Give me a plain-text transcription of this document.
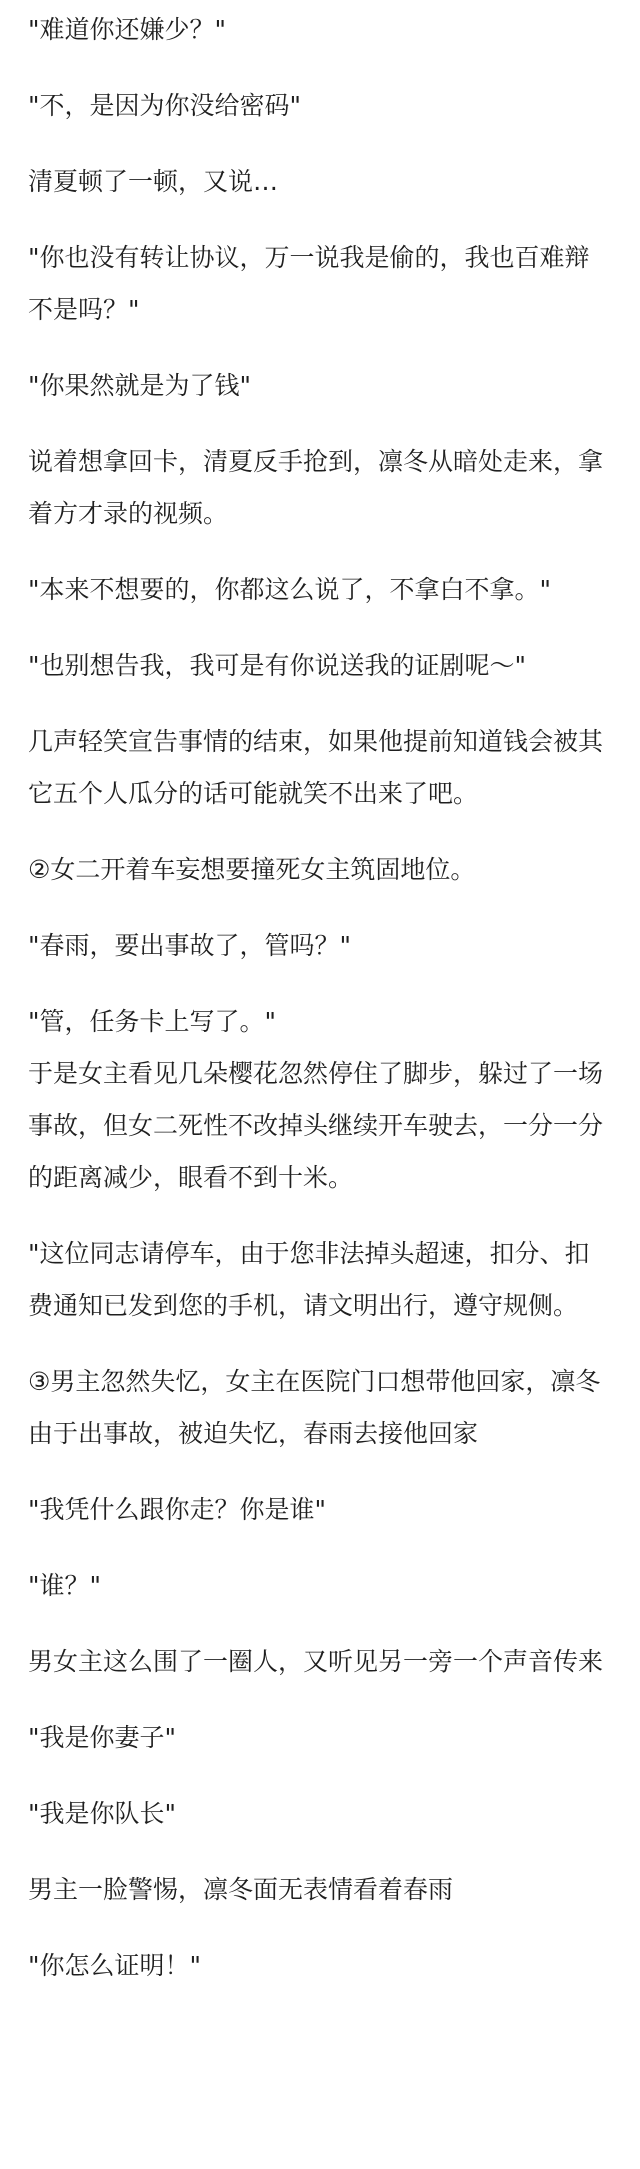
"难道你还嫌少？"

"不，是因为你没给密码"

清夏顿了一顿，又说…

"你也没有转让协议，万一说我是偷的，我也百难辩不是吗？"

"你果然就是为了钱"

说着想拿回卡，清夏反手抢到，凛冬从暗处走来，拿着方才录的视频。

"本来不想要的，你都这么说了，不拿白不拿。"

"也别想告我，我可是有你说送我的证剧呢～"

几声轻笑宣告事情的结束，如果他提前知道钱会被其它五个人瓜分的话可能就笑不出来了吧。

②女二开着车妄想要撞死女主筑固地位。

"春雨，要出事故了，管吗？"

"管，任务卡上写了。"

于是女主看见几朵樱花忽然停住了脚步，躲过了一场事故，但女二死性不改掉头继续开车驶去，一分一分的距离减少，眼看不到十米。

"这位同志请停车，由于您非法掉头超速，扣分、扣费通知已发到您的手机，请文明出行，遵守规侧。

③男主忽然失忆，女主在医院门口想带他回家，凛冬由于出事故，被迫失忆，春雨去接他回家

"我凭什么跟你走？你是谁"

"谁？"

男女主这么围了一圈人，又听见另一旁一个声音传来

"我是你妻子"

"我是你队长"

男主一脸警惕，凛冬面无表情看着春雨

"你怎么证明！"
